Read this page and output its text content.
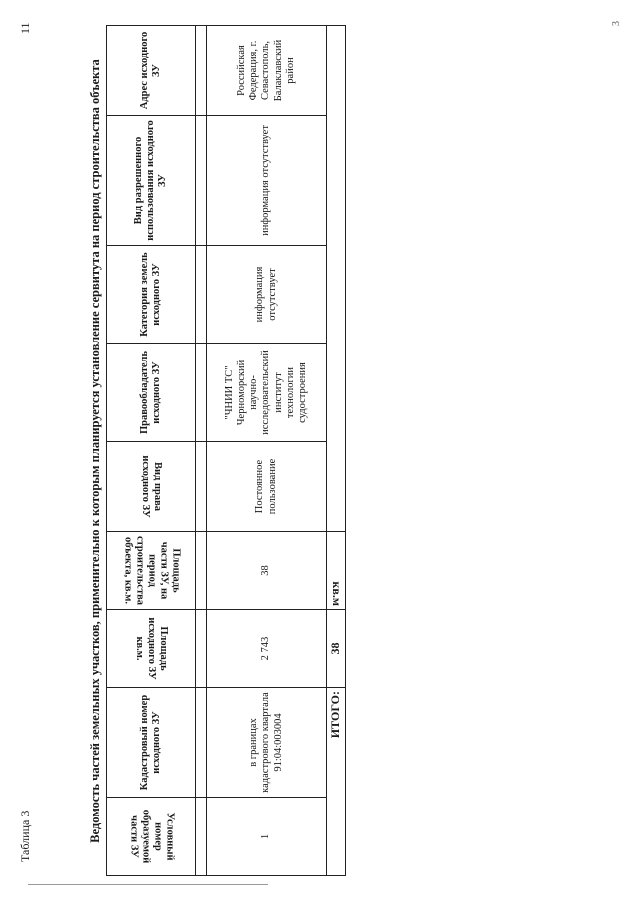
11	3
Таблица 3	Ведомость частей земельных участков, применительно к которым планируется установление сервитута на период строительства объекта	Условный номер образуемой части ЗУ	Кадастровый номер исходного ЗУ	Площадь исходного ЗУ кв.м.	Площадь части ЗУ, на период строительства объекта, кв.м.	Вид права исходного ЗУ	Правообладатель исходного ЗУ	Категория земель исходного ЗУ	Вид разрешенного использования исходного ЗУ	Адрес исходного ЗУ

1	в границах кадастрового квартала 91:04:003004	2 743	38	Постоянное пользование	"ЧНИИ ТС" Черноморский научно-исследовательский институт технологии судостроения	информация отсутствует	информация отсутствует	Российская Федерация, г. Севастополь, Балаклавский район
ИТОГО:		38	кв.м					
